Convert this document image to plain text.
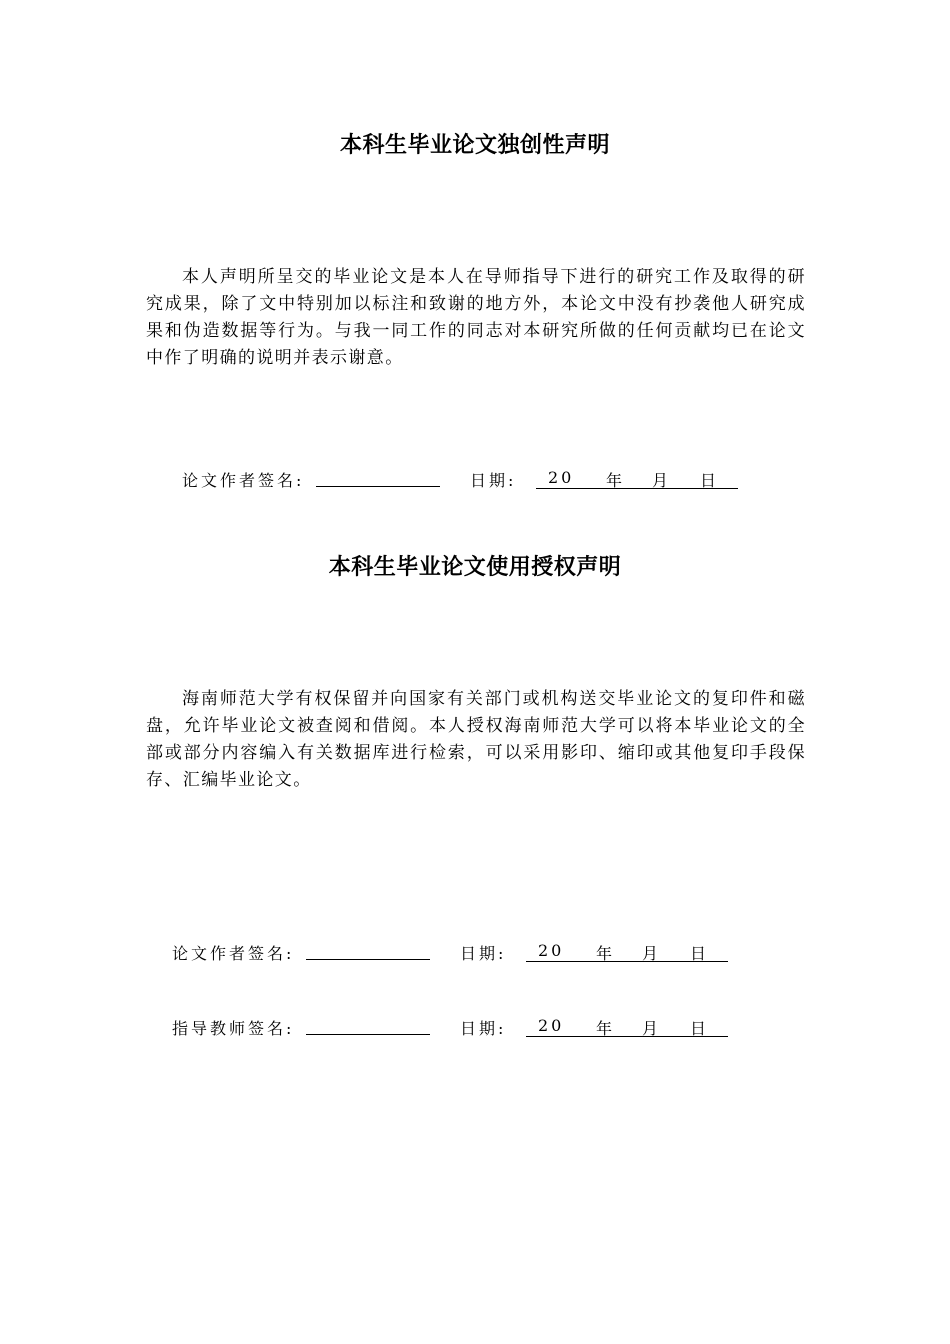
本科生毕业论文独创性声明

本人声明所呈交的毕业论文是本人在导师指导下进行的研究工作及取得的研究成果，除了文中特别加以标注和致谢的地方外，本论文中没有抄袭他人研究成果和伪造数据等行为。与我一同工作的同志对本研究所做的任何贡献均已在论文中作了明确的说明并表示谢意。

论文作者签名:	日期: 20 年 月 日
本科生毕业论文使用授权声明

海南师范大学有权保留并向国家有关部门或机构送交毕业论文的复印件和磁盘，允许毕业论文被查阅和借阅。本人授权海南师范大学可以将本毕业论文的全部或部分内容编入有关数据库进行检索，可以采用影印、缩印或其他复印手段保存、汇编毕业论文。

论文作者签名:	日期: 20 年 月 日
指导教师签名:	日期: 20 年 月 日
